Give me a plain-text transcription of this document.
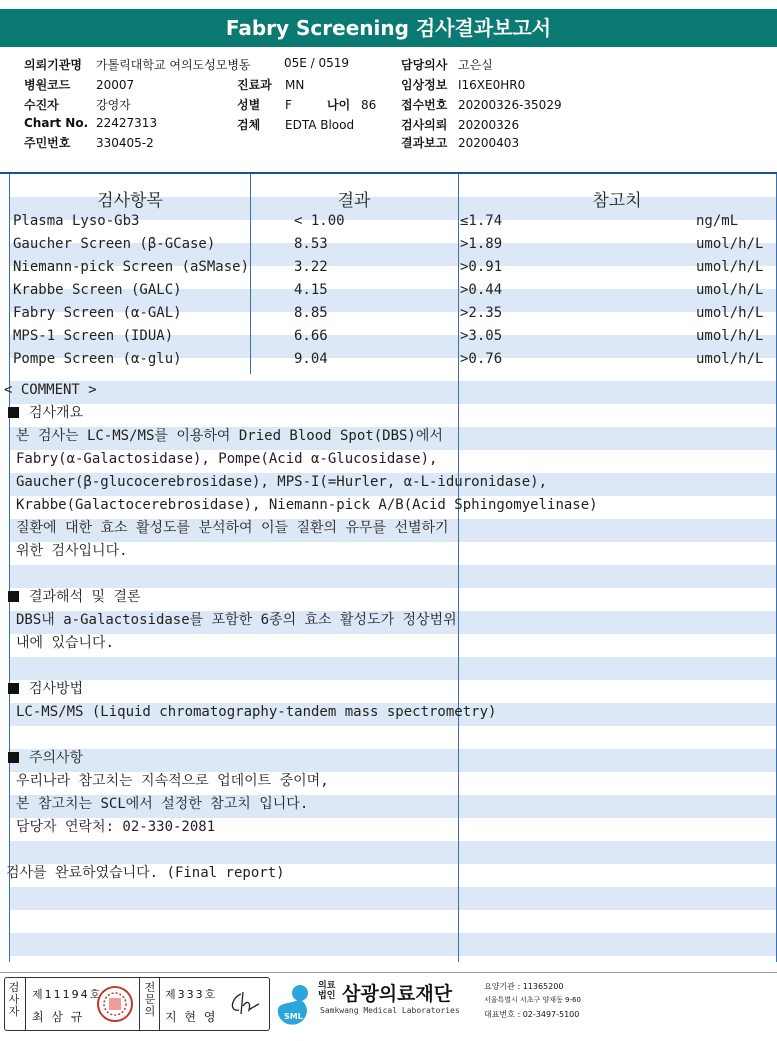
Fabry Screening 검사결과보고서
의뢰기관명 가톨릭대학교 여의도성모병동	05E / 0519	담당의사 고은실
병원코드 20007	진료과 MN	임상정보 I16XE0HR0
수진자	강영자	성별 F	나이 86 접수번호 20200326-35029
Chart No. 22427313	검체 EDTA Blood	검사의뢰 20200326
주민번호 330405-2	결과보고 20200403
검사항목	결과	참고치
Plasma Lyso-Gb3	< 1.00	≤1.74	ng/mL
Gaucher Screen (β-GCase)	8.53	>1.89	umol/h/L
Niemann-pick Screen (aSMase)	3.22	>0.91	umol/h/L
Krabbe Screen (GALC)	4.15	>0.44	umol/h/L
Fabry Screen (α-GAL)	8.85	>2.35	umol/h/L
MPS-1 Screen (IDUA)	6.66	>3.05	umol/h/L
Pompe Screen (α-glu)	9.04	>0.76	umol/h/L
< COMMENT >
검사개요
본 검사는 LC-MS/MS를 이용하여 Dried Blood Spot(DBS)에서
Fabry(α-Galactosidase), Pompe(Acid α-Glucosidase),
Gaucher(β-glucocerebrosidase), MPS-I(=Hurler, α-L-iduronidase),
Krabbe(Galactocerebrosidase), Niemann-pick A/B(Acid Sphingomyelinase)
질환에 대한 효소 활성도를 분석하여 이들 질환의 유무를 선별하기
위한 검사입니다.
결과해석 및 결론
DBS내 a-Galactosidase를 포함한 6종의 효소 활성도가 정상범위
내에 있습니다.
검사방법
LC-MS/MS (Liquid chromatography-tandem mass spectrometry)
주의사항
우리나라 참고치는 지속적으로 업데이트 중이며,
본 참고치는 SCL에서 설정한 참고치 입니다.
담당자 연락처: 02-330-2081
검사를 완료하였습니다. (Final report)
검사자
제11194호
최 삼 규
전문의
제333호
지 현 영	SML
의료법인 삼광의료재단
Samkwang Medical Laboratories
요양기관 : 11365200
서울특별시 서초구 양재동 9-60
대표번호 : 02-3497-5100
